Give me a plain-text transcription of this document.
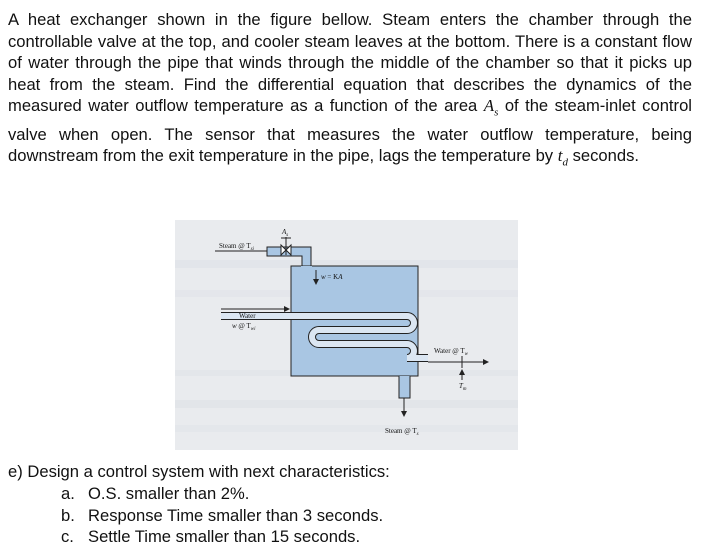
A heat exchanger shown in the figure bellow. Steam enters the chamber through the controllable valve at the top, and cooler steam leaves at the bottom. There is a constant flow of water through the pipe that winds through the middle of the chamber so that it picks up heat from the steam. Find the differential equation that describes the dynamics of the measured water outflow temperature as a function of the area $A_s$ of the steam-inlet control valve when open. The sensor that measures the water outflow temperature, being downstream from the exit temperature in the pipe, lags the temperature by $t_d$ seconds.
$A_s$
Steam @ $T_{si}$
w = KA
Water
w @ $T_{wi}$
Water @ $T_w$
$T_m$
Steam @ $T_s$
e) Design a control system with next characteristics:
a. O.S. smaller than 2%.
b. Response Time smaller than 3 seconds.
c. Settle Time smaller than 15 seconds.
